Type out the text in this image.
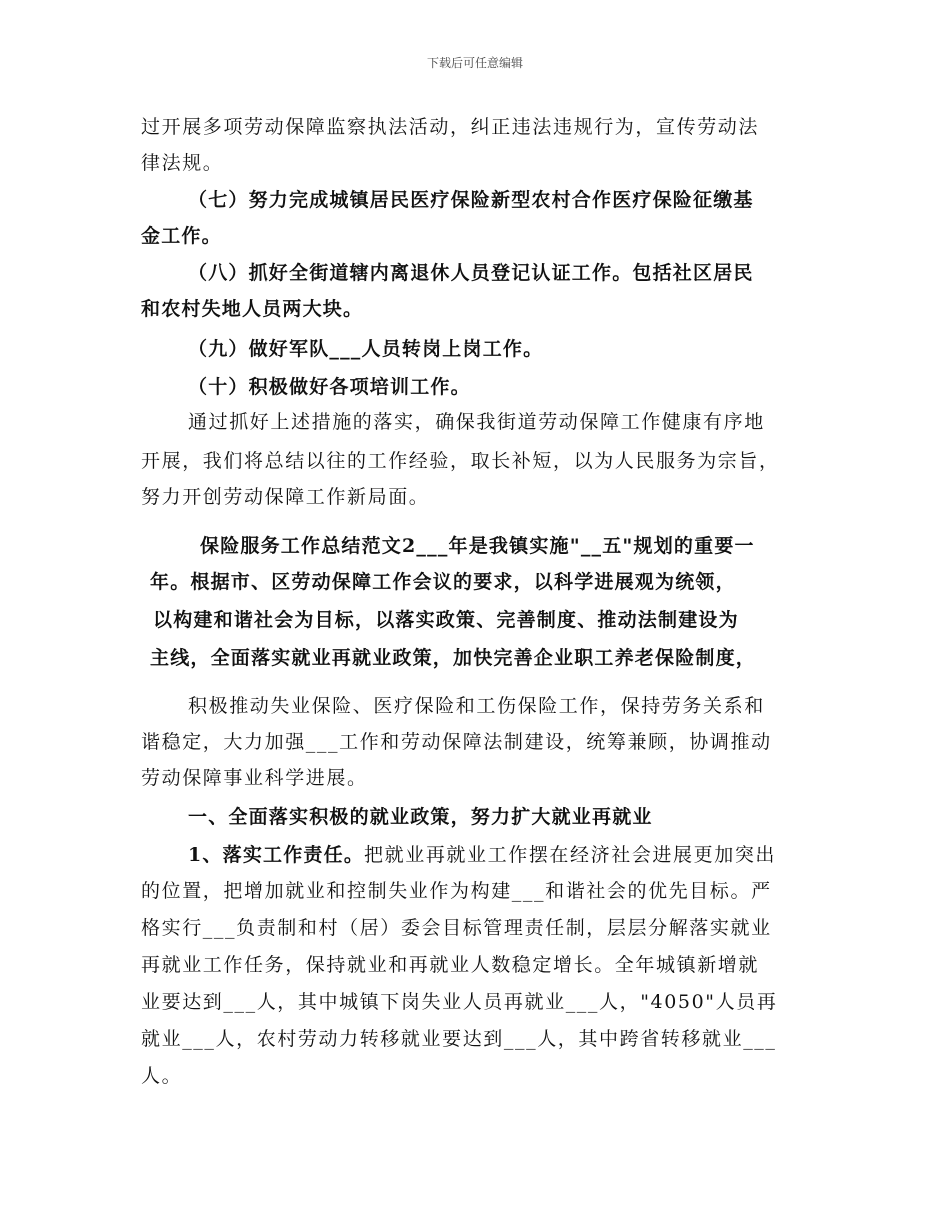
下载后可任意编辑
过开展多项劳动保障监察执法活动，纠正违法违规行为，宣传劳动法
律法规。
（七）努力完成城镇居民医疗保险新型农村合作医疗保险征缴基
金工作。
（八）抓好全街道辖内离退休人员登记认证工作。包括社区居民
和农村失地人员两大块。
（九）做好军队___人员转岗上岗工作。
（十）积极做好各项培训工作。
通过抓好上述措施的落实，确保我街道劳动保障工作健康有序地
开展，我们将总结以往的工作经验，取长补短，以为人民服务为宗旨，
努力开创劳动保障工作新局面。
保险服务工作总结范文2___年是我镇实施"__五"规划的重要一
年。根据市、区劳动保障工作会议的要求，以科学进展观为统领，
以构建和谐社会为目标，以落实政策、完善制度、推动法制建设为
主线，全面落实就业再就业政策，加快完善企业职工养老保险制度，
积极推动失业保险、医疗保险和工伤保险工作，保持劳务关系和
谐稳定，大力加强___工作和劳动保障法制建设，统筹兼顾，协调推动
劳动保障事业科学进展。
一、全面落实积极的就业政策，努力扩大就业再就业
1、落实工作责任。把就业再就业工作摆在经济社会进展更加突出
的位置，把增加就业和控制失业作为构建___和谐社会的优先目标。严
格实行___负责制和村（居）委会目标管理责任制，层层分解落实就业
再就业工作任务，保持就业和再就业人数稳定增长。全年城镇新增就
业要达到___人，其中城镇下岗失业人员再就业___人，"4050"人员再
就业___人，农村劳动力转移就业要达到___人，其中跨省转移就业___
人。
